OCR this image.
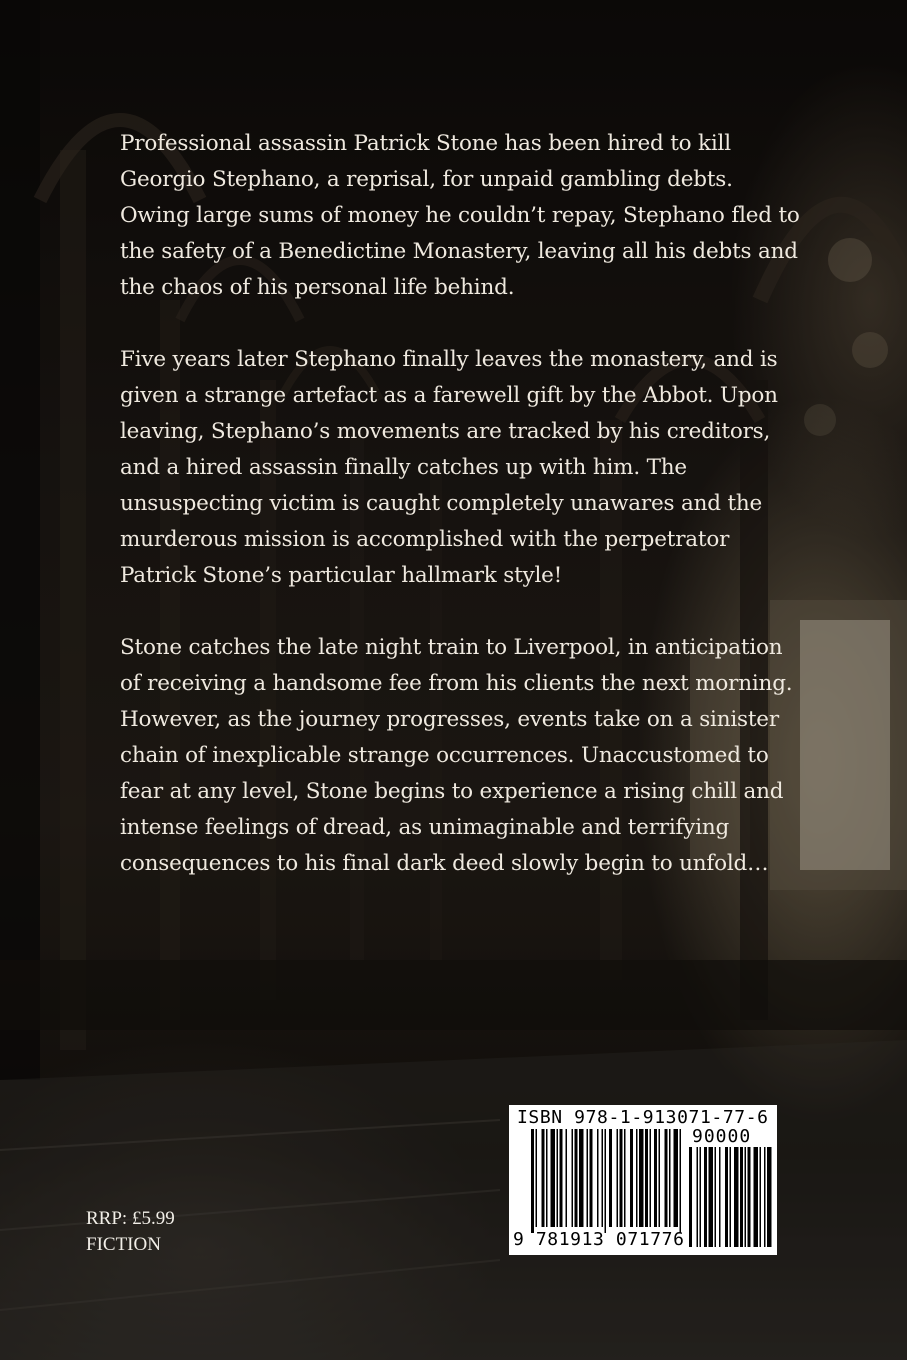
Professional assassin Patrick Stone has been hired to kill Georgio Stephano, a reprisal, for unpaid gambling debts. Owing large sums of money he couldn’t repay, Stephano fled to the safety of a Benedictine Monastery, leaving all his debts and the chaos of his personal life behind.

Five years later Stephano finally leaves the monastery, and is given a strange artefact as a farewell gift by the Abbot. Upon leaving, Stephano’s movements are tracked by his creditors, and a hired assassin finally catches up with him. The unsuspecting victim is caught completely unawares and the murderous mission is accomplished with the perpetrator Patrick Stone’s particular hallmark style!

Stone catches the late night train to Liverpool, in anticipation of receiving a handsome fee from his clients the next morning. However, as the journey progresses, events take on a sinister chain of inexplicable strange occurrences. Unaccustomed to fear at any level, Stone begins to experience a rising chill and intense feelings of dread, as unimaginable and terrifying consequences to his final dark deed slowly begin to unfold…

RRP: £5.99
FICTION
ISBN 978-1-913071-77-6
90000
9 781913 071776
